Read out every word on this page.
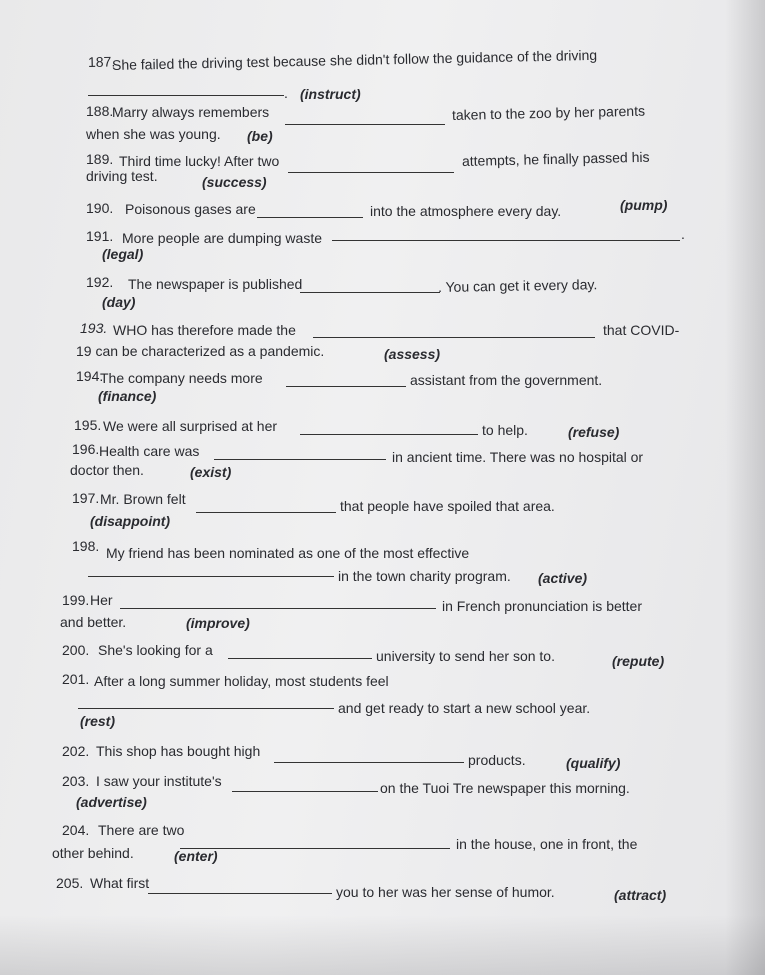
187.
She failed the driving test because she didn't follow the guidance of the driving
. (instruct)
188.
Marry always remembers	taken to the zoo by her parents
when she was young. (be)
189. Third time lucky! After two	attempts, he finally passed his
driving test.	(success)
190. Poisonous gases are	into the atmosphere every day.	(pump)
191. More people are dumping waste	.
(legal)
192. The newspaper is published	. You can get it every day.
(day)
193. WHO has therefore made the	that COVID-
19 can be characterized as a pandemic.	(assess)
194.
The company needs more	assistant from the government.
(finance)
195. We were all surprised at her	to help.	(refuse)
196. Health care was	in ancient time. There was no hospital or
doctor then.	(exist)
197. Mr. Brown felt	that people have spoiled that area.
(disappoint)
198. My friend has been nominated as one of the most effective
in the town charity program. (active)
199. Her	in French pronunciation is better
and better.	(improve)
200. She's looking for a	university to send her son to.	(repute)
201. After a long summer holiday, most students feel
and get ready to start a new school year.
(rest)
202. This shop has bought high
products.	(qualify)
203. I saw your institute's	on the Tuoi Tre newspaper this morning.
(advertise)
204. There are two
in the house, one in front, the
other behind.	(enter)
205. What first
you to her was her sense of humor.	(attract)
